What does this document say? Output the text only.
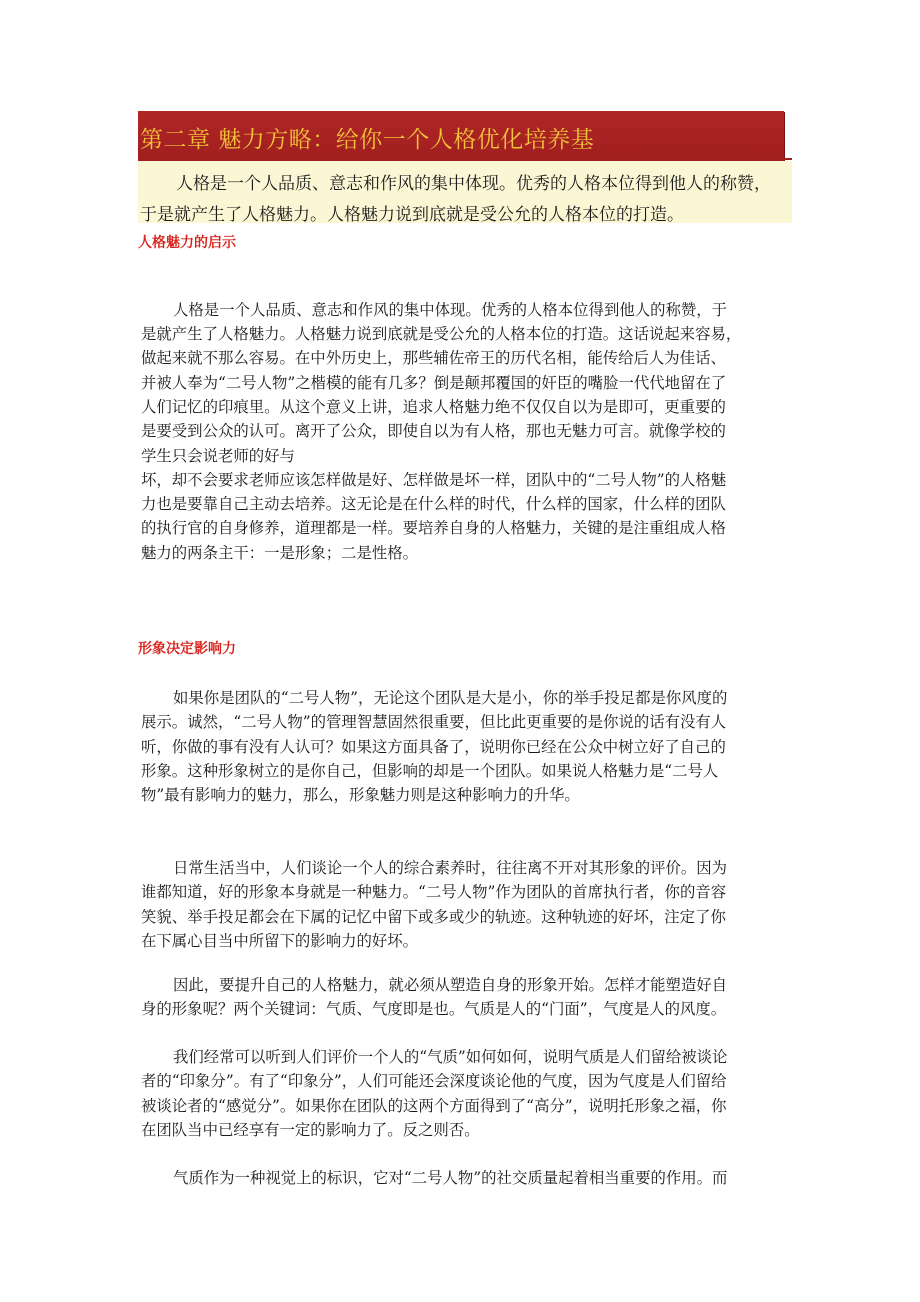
第二章 魅力方略：给你一个人格优化培养基
人格是一个人品质、意志和作风的集中体现。优秀的人格本位得到他人的称赞，
于是就产生了人格魅力。人格魅力说到底就是受公允的人格本位的打造。
人格魅力的启示
人格是一个人品质、意志和作风的集中体现。优秀的人格本位得到他人的称赞，于
是就产生了人格魅力。人格魅力说到底就是受公允的人格本位的打造。这话说起来容易，
做起来就不那么容易。在中外历史上，那些辅佐帝王的历代名相，能传给后人为佳话、
并被人奉为“二号人物”之楷模的能有几多？倒是颠邦覆国的奸臣的嘴脸一代代地留在了
人们记忆的印痕里。从这个意义上讲，追求人格魅力绝不仅仅自以为是即可，更重要的
是要受到公众的认可。离开了公众，即使自以为有人格，那也无魅力可言。就像学校的
学生只会说老师的好与
坏，却不会要求老师应该怎样做是好、怎样做是坏一样，团队中的“二号人物”的人格魅
力也是要靠自己主动去培养。这无论是在什么样的时代，什么样的国家，什么样的团队
的执行官的自身修养，道理都是一样。要培养自身的人格魅力，关键的是注重组成人格
魅力的两条主干：一是形象；二是性格。
形象决定影响力
如果你是团队的“二号人物”，无论这个团队是大是小，你的举手投足都是你风度的
展示。诚然，“二号人物”的管理智慧固然很重要，但比此更重要的是你说的话有没有人
听，你做的事有没有人认可？如果这方面具备了，说明你已经在公众中树立好了自己的
形象。这种形象树立的是你自己，但影响的却是一个团队。如果说人格魅力是“二号人
物”最有影响力的魅力，那么，形象魅力则是这种影响力的升华。
日常生活当中，人们谈论一个人的综合素养时，往往离不开对其形象的评价。因为
谁都知道，好的形象本身就是一种魅力。“二号人物”作为团队的首席执行者，你的音容
笑貌、举手投足都会在下属的记忆中留下或多或少的轨迹。这种轨迹的好坏，注定了你
在下属心目当中所留下的影响力的好坏。
因此，要提升自己的人格魅力，就必须从塑造自身的形象开始。怎样才能塑造好自
身的形象呢？两个关键词：气质、气度即是也。气质是人的“门面”，气度是人的风度。
我们经常可以听到人们评价一个人的“气质”如何如何，说明气质是人们留给被谈论
者的“印象分”。有了“印象分”，人们可能还会深度谈论他的气度，因为气度是人们留给
被谈论者的“感觉分”。如果你在团队的这两个方面得到了“高分”，说明托形象之福，你
在团队当中已经享有一定的影响力了。反之则否。
气质作为一种视觉上的标识，它对“二号人物”的社交质量起着相当重要的作用。而
